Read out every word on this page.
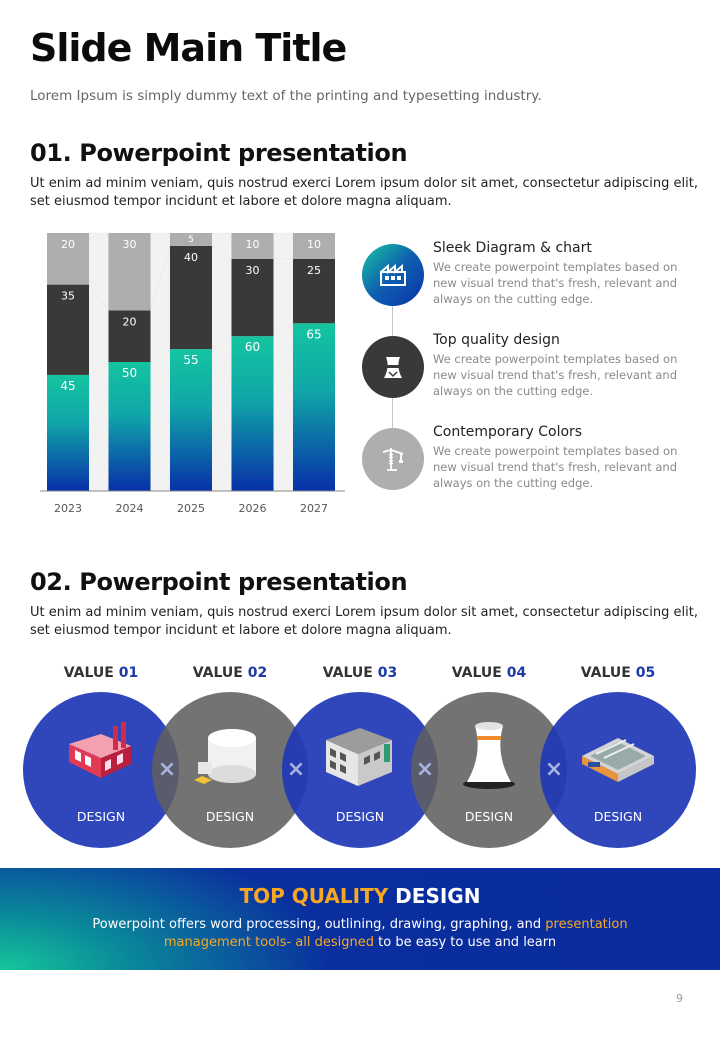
Slide Main Title
Lorem Ipsum is simply dummy text of the printing and typesetting industry.
01. Powerpoint presentation
Ut enim ad minim veniam, quis nostrud exerci Lorem ipsum dolor sit amet, consectetur adipiscing elit, set eiusmod tempor incidunt et labore et dolore magna aliquam.
45
35
20
50
20
30
55
40
5
60
30
10
65
25
10
2023	2024	2025	2026	2027
Sleek Diagram & chart
We create powerpoint templates based on new visual trend that's fresh, relevant and always on the cutting edge.
Top quality design
We create powerpoint templates based on new visual trend that's fresh, relevant and always on the cutting edge.
Contemporary Colors
We create powerpoint templates based on new visual trend that's fresh, relevant and always on the cutting edge.
02. Powerpoint presentation
Ut enim ad minim veniam, quis nostrud exerci Lorem ipsum dolor sit amet, consectetur adipiscing elit, set eiusmod tempor incidunt et labore et dolore magna aliquam.
VALUE 01	VALUE 02	VALUE 03	VALUE 04	VALUE 05
DESIGN	DESIGN	DESIGN	DESIGN	DESIGN
×	×	×	×
TOP QUALITY DESIGN
Powerpoint offers word processing, outlining, drawing, graphing, and presentation management tools- all designed to be easy to use and learn
9
